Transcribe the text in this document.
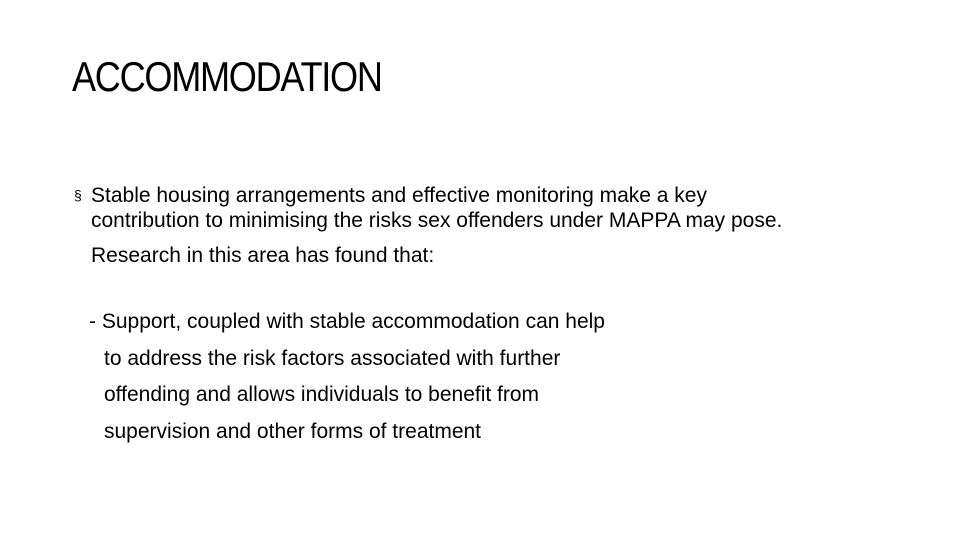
ACCOMMODATION
§ Stable housing arrangements and effective monitoring make a key
contribution to minimising the risks sex offenders under MAPPA may pose.
Research in this area has found that:
- Support, coupled with stable accommodation can help
to address the risk factors associated with further
offending and allows individuals to benefit from
supervision and other forms of treatment
